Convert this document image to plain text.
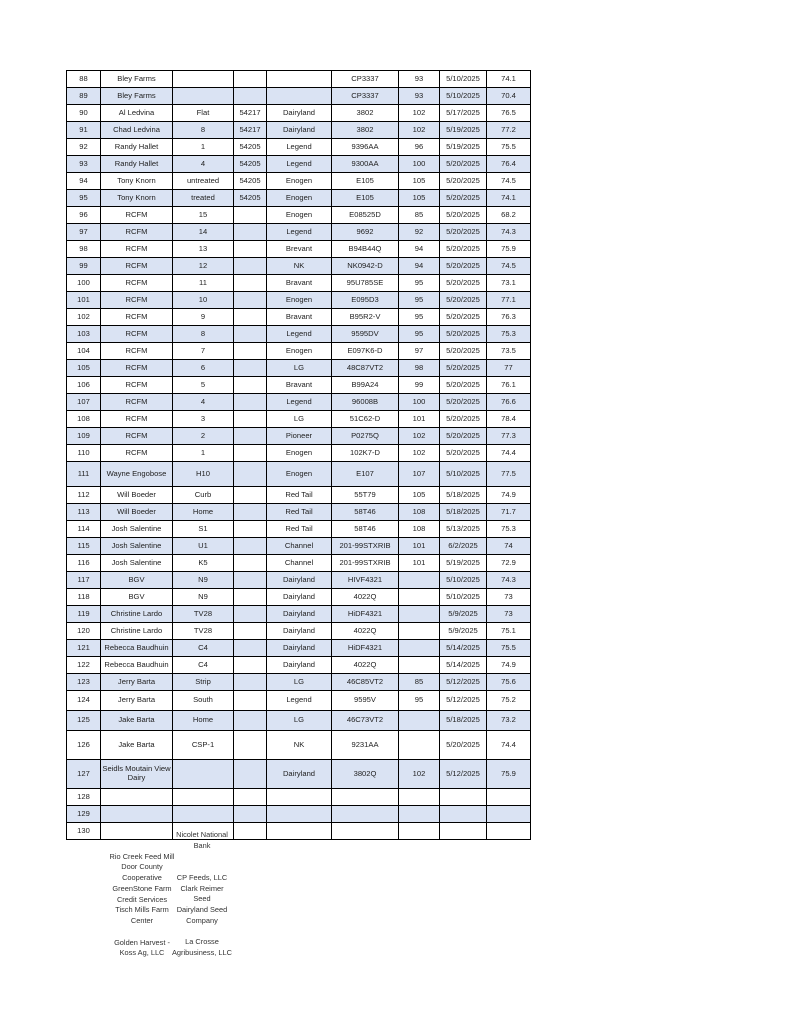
88	Bley Farms				CP3337	93	5/10/2025	74.1
89	Bley Farms				CP3337	93	5/10/2025	70.4
90	Al Ledvina	Flat	54217	Dairyland	3802	102	5/17/2025	76.5
91	Chad Ledvina	8	54217	Dairyland	3802	102	5/19/2025	77.2
92	Randy Hallet	1	54205	Legend	9396AA	96	5/19/2025	75.5
93	Randy Hallet	4	54205	Legend	9300AA	100	5/20/2025	76.4
94	Tony Knorn	untreated	54205	Enogen	E105	105	5/20/2025	74.5
95	Tony Knorn	treated	54205	Enogen	E105	105	5/20/2025	74.1
96	RCFM	15		Enogen	E08525D	85	5/20/2025	68.2
97	RCFM	14		Legend	9692	92	5/20/2025	74.3
98	RCFM	13		Brevant	B94B44Q	94	5/20/2025	75.9
99	RCFM	12		NK	NK0942-D	94	5/20/2025	74.5
100	RCFM	11		Bravant	95U785SE	95	5/20/2025	73.1
101	RCFM	10		Enogen	E095D3	95	5/20/2025	77.1
102	RCFM	9		Bravant	B95R2-V	95	5/20/2025	76.3
103	RCFM	8		Legend	9595DV	95	5/20/2025	75.3
104	RCFM	7		Enogen	E097K6-D	97	5/20/2025	73.5
105	RCFM	6		LG	48C87VT2	98	5/20/2025	77
106	RCFM	5		Bravant	B99A24	99	5/20/2025	76.1
107	RCFM	4		Legend	96008B	100	5/20/2025	76.6
108	RCFM	3		LG	51C62-D	101	5/20/2025	78.4
109	RCFM	2		Pioneer	P0275Q	102	5/20/2025	77.3
110	RCFM	1		Enogen	102K7-D	102	5/20/2025	74.4
111	Wayne Engobose	H10		Enogen	E107	107	5/10/2025	77.5
112	Will Boeder	Curb		Red Tail	55T79	105	5/18/2025	74.9
113	Will Boeder	Home		Red Tail	58T46	108	5/18/2025	71.7
114	Josh Salentine	S1		Red Tail	58T46	108	5/13/2025	75.3
115	Josh Salentine	U1		Channel	201-99STXRIB	101	6/2/2025	74
116	Josh Salentine	K5		Channel	201-99STXRIB	101	5/19/2025	72.9
117	BGV	N9		Dairyland	HIVF4321		5/10/2025	74.3
118	BGV	N9		Dairyland	4022Q		5/10/2025	73
119	Christine Lardo	TV28		Dairyland	HiDF4321		5/9/2025	73
120	Christine Lardo	TV28		Dairyland	4022Q		5/9/2025	75.1
121	Rebecca Baudhuin	C4		Dairyland	HiDF4321		5/14/2025	75.5
122	Rebecca Baudhuin	C4		Dairyland	4022Q		5/14/2025	74.9
123	Jerry Barta	Strip		LG	46C85VT2	85	5/12/2025	75.6
124	Jerry Barta	South		Legend	9595V	95	5/12/2025	75.2
125	Jake Barta	Home		LG	46C73VT2		5/18/2025	73.2
126	Jake Barta	CSP-1		NK	9231AA		5/20/2025	74.4
127	Seidls Moutain View Dairy			Dairyland	3802Q	102	5/12/2025	75.9
128								
129								
130								

Rio Creek Feed Mill
Door County
Cooperative
GreenStone Farm
Credit Services
Tisch Mills Farm
Center

Golden Harvest -
Koss Ag, LLC
Nicolet National
Bank

CP Feeds, LLC
Clark Reimer
Seed
Dairyland Seed
Company

La Crosse
Agribusiness, LLC
